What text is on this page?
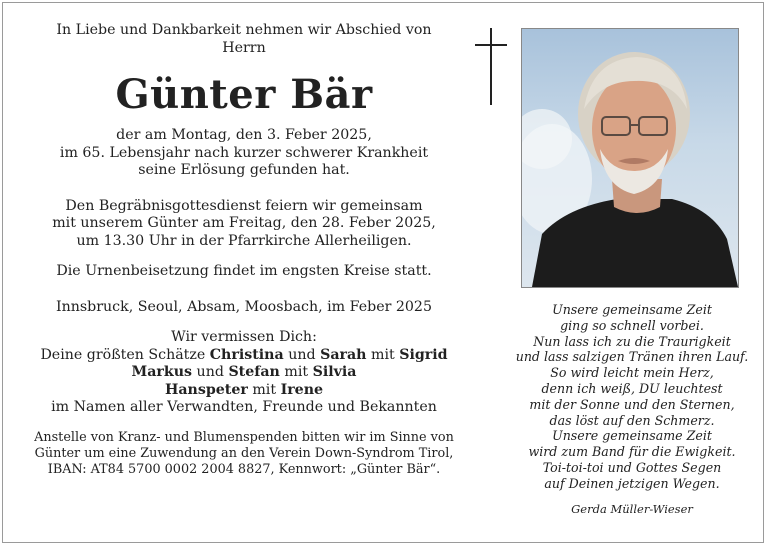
In Liebe und Dankbarkeit nehmen wir Abschied von

Herrn

Günter Bär

der am Montag, den 3. Feber 2025,

im 65. Lebensjahr nach kurzer schwerer Krankheit

seine Erlösung gefunden hat.

Den Begräbnisgottesdienst feiern wir gemeinsam

mit unserem Günter am Freitag, den 28. Feber 2025,

um 13.30 Uhr in der Pfarrkirche Allerheiligen.

Die Urnenbeisetzung findet im engsten Kreise statt.

Innsbruck, Seoul, Absam, Moosbach, im Feber 2025

Wir vermissen Dich:

Deine größten Schätze Christina und Sarah mit Sigrid

Markus und Stefan mit Silvia

Hanspeter mit Irene

im Namen aller Verwandten, Freunde und Bekannten

Anstelle von Kranz- und Blumenspenden bitten wir im Sinne von

Günter um eine Zuwendung an den Verein Down-Syndrom Tirol,

IBAN: AT84 5700 0002 2004 8827, Kennwort: „Günter Bär“.

Unsere gemeinsame Zeit

ging so schnell vorbei.

Nun lass ich zu die Traurigkeit

und lass salzigen Tränen ihren Lauf.

So wird leicht mein Herz,

denn ich weiß, DU leuchtest

mit der Sonne und den Sternen,

das löst auf den Schmerz.

Unsere gemeinsame Zeit

wird zum Band für die Ewigkeit.

Toi-toi-toi und Gottes Segen

auf Deinen jetzigen Wegen.

Gerda Müller-Wieser
